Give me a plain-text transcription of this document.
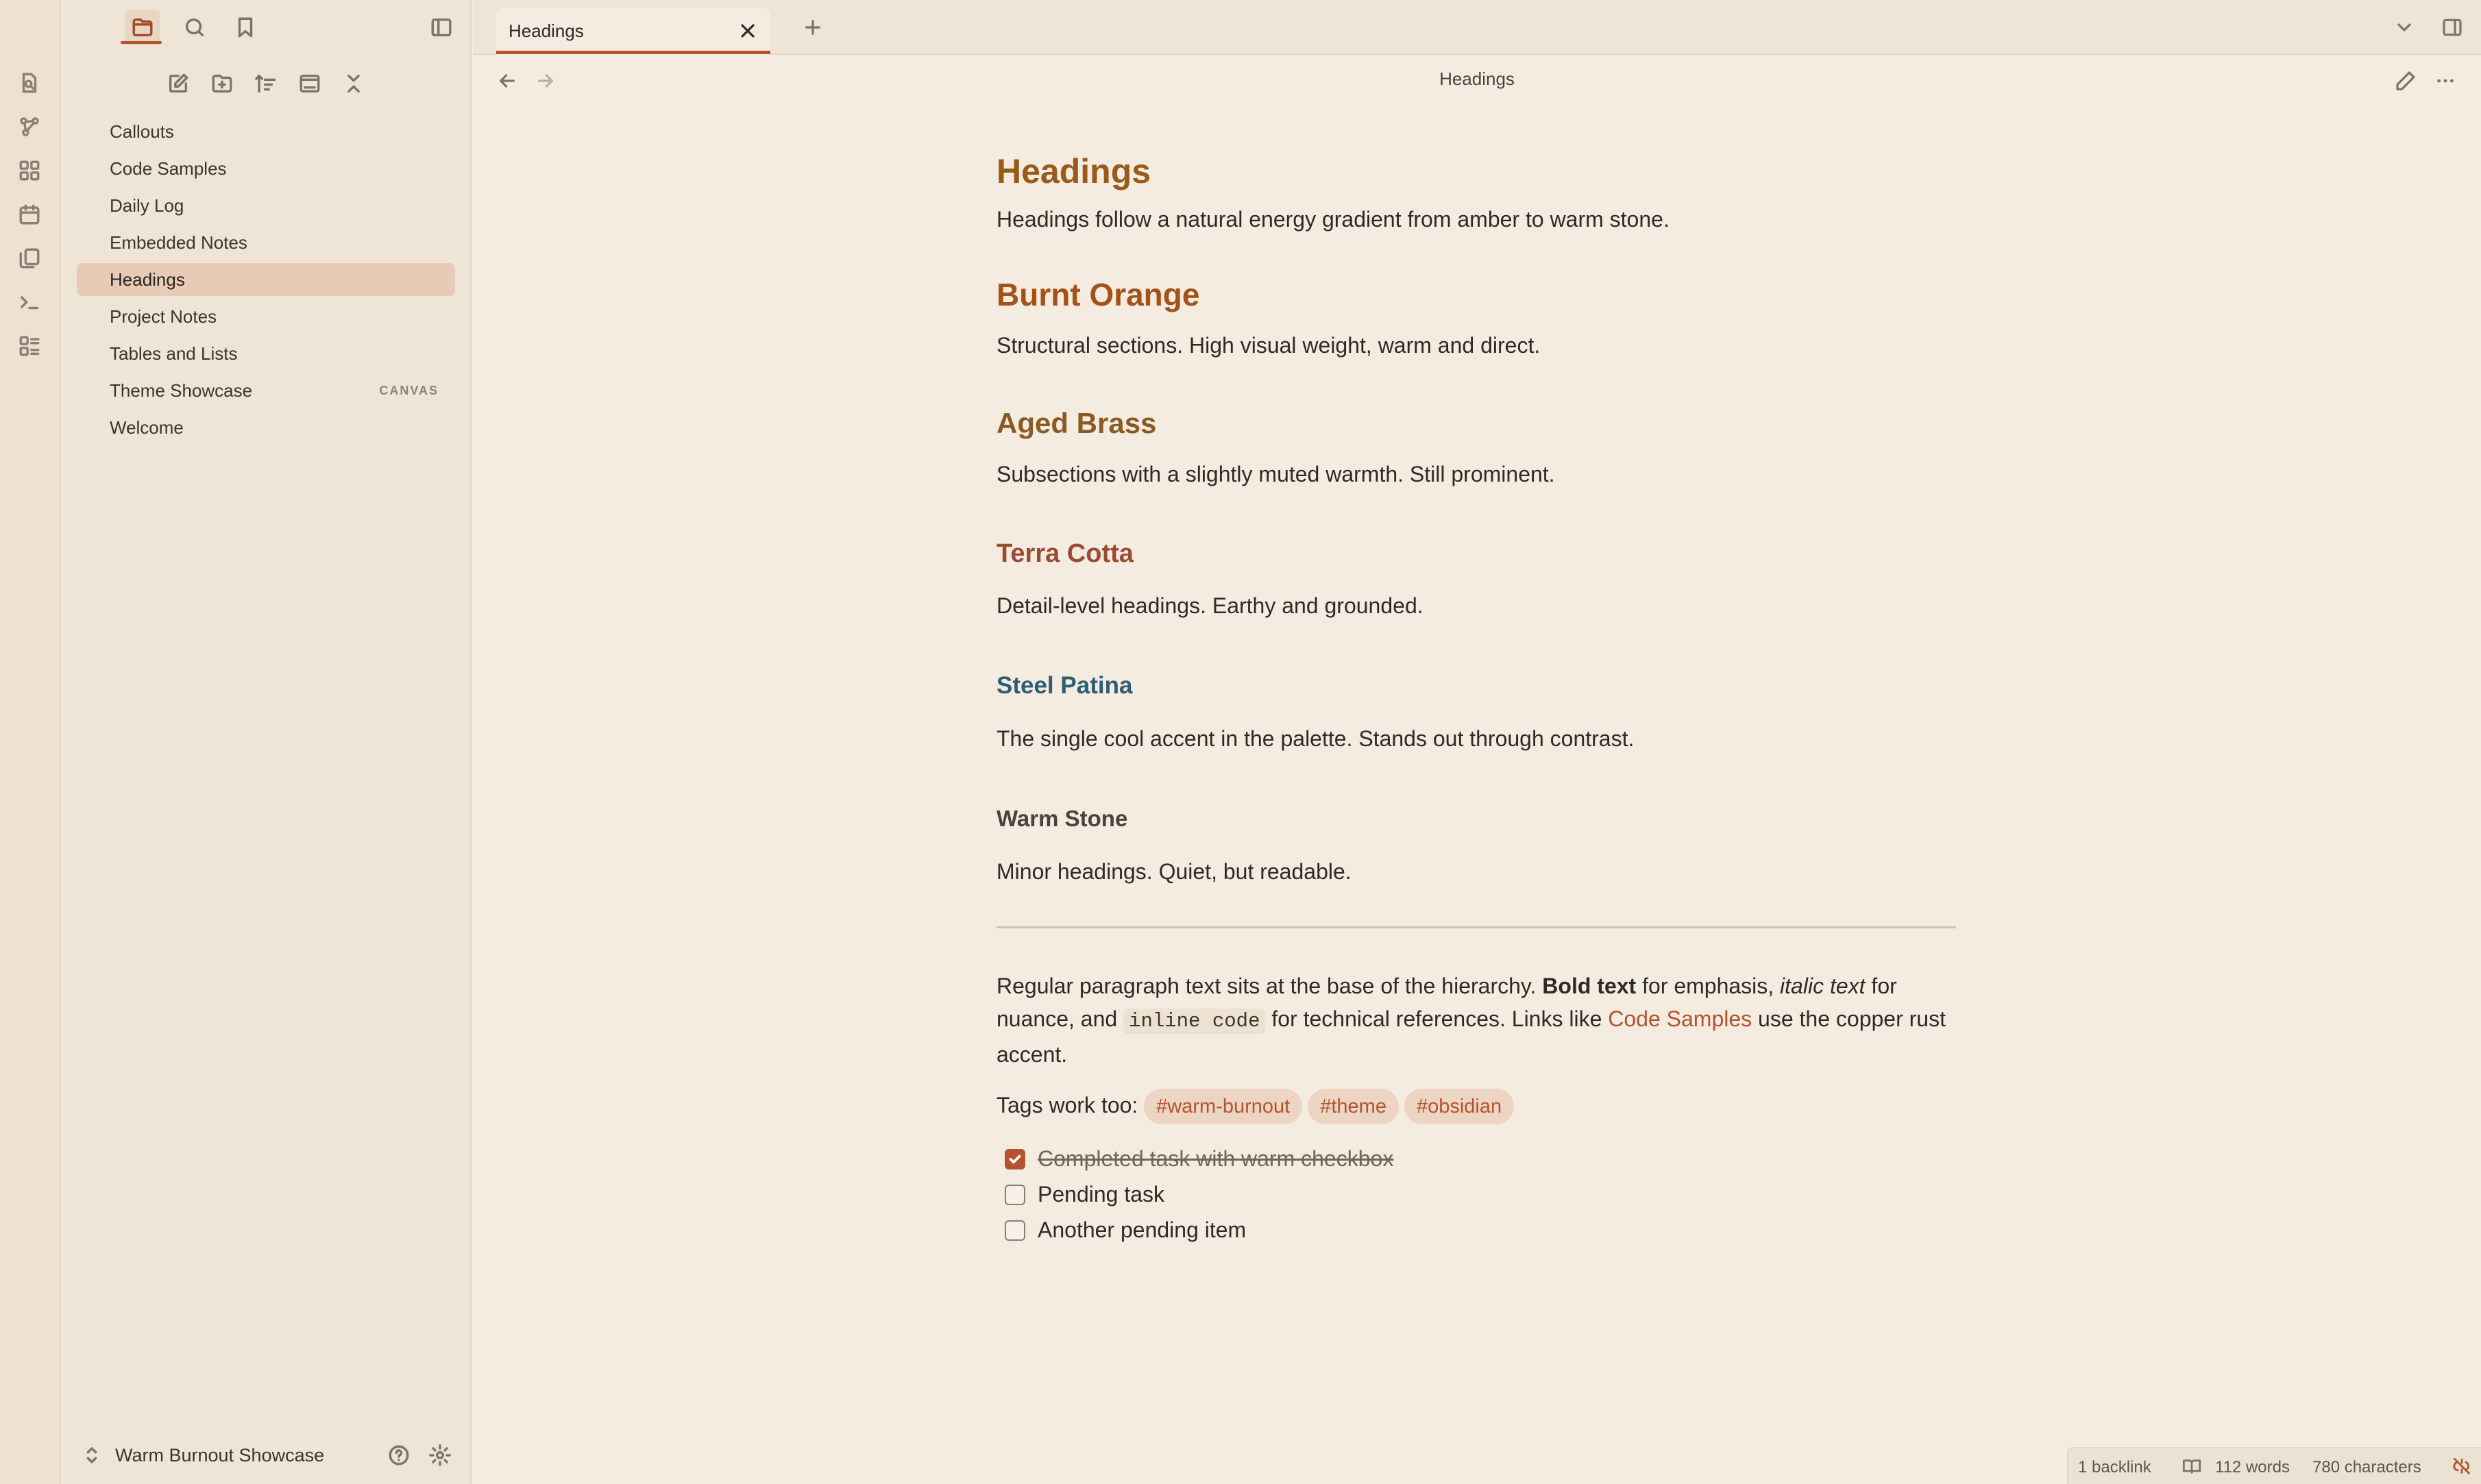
Callouts
Code Samples
Daily Log
Embedded Notes
Headings
Project Notes
Tables and Lists
Theme Showcase	CANVAS
Welcome
Warm Burnout Showcase
Headings
Headings
Headings
Headings follow a natural energy gradient from amber to warm stone.
Burnt Orange
Structural sections. High visual weight, warm and direct.
Aged Brass
Subsections with a slightly muted warmth. Still prominent.
Terra Cotta
Detail-level headings. Earthy and grounded.
Steel Patina
The single cool accent in the palette. Stands out through contrast.
Warm Stone
Minor headings. Quiet, but readable.
Regular paragraph text sits at the base of the hierarchy. Bold text for emphasis, italic text for nuance, and inline code for technical references. Links like Code Samples use the copper rust accent.
Tags work too: #warm-burnout #theme #obsidian
Completed task with warm checkbox
Pending task
Another pending item
1 backlink	112 words 780 characters
